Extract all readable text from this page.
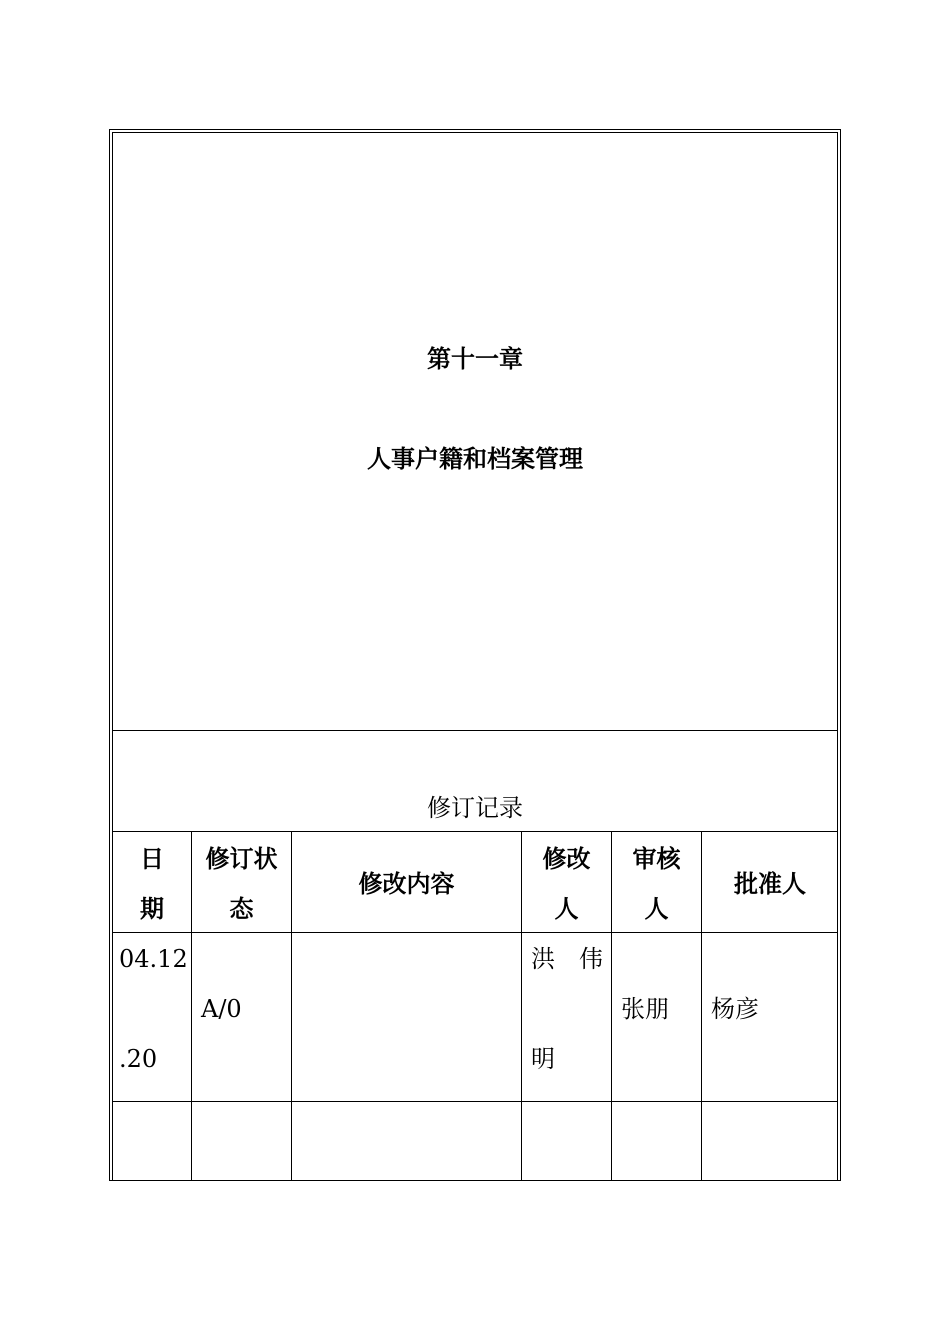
第十一章
人事户籍和档案管理
修订记录
日
期
修订状
态
修改内容
修改
人
审核
人
批准人
04.12
.20
A/0
洪 伟
明
张朋 杨彦
